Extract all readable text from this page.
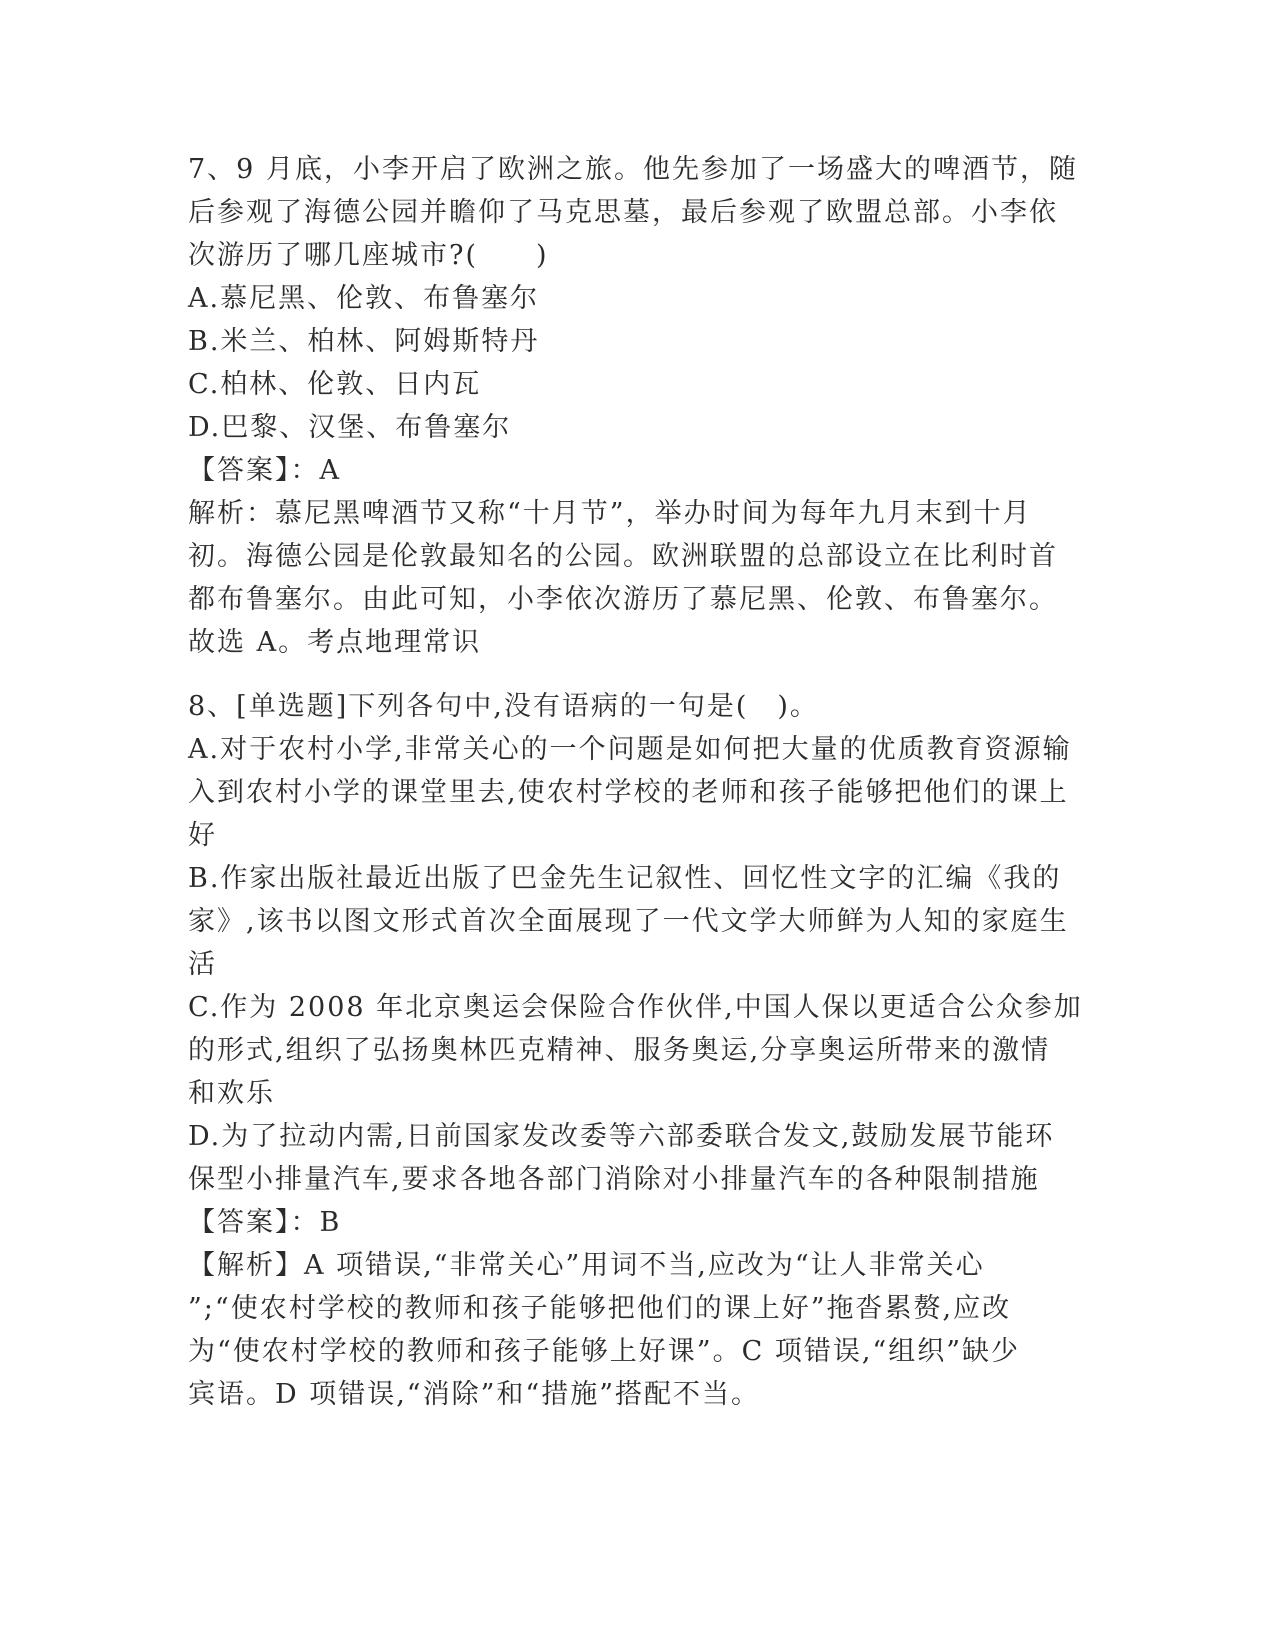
7、9 月底，小李开启了欧洲之旅。他先参加了一场盛大的啤酒节，随
后参观了海德公园并瞻仰了马克思墓，最后参观了欧盟总部。小李依
次游历了哪几座城市?(　　)
A.慕尼黑、伦敦、布鲁塞尔
B.米兰、柏林、阿姆斯特丹
C.柏林、伦敦、日内瓦
D.巴黎、汉堡、布鲁塞尔
【答案】：A
解析：慕尼黑啤酒节又称“十月节”，举办时间为每年九月末到十月
初。海德公园是伦敦最知名的公园。欧洲联盟的总部设立在比利时首
都布鲁塞尔。由此可知，小李依次游历了慕尼黑、伦敦、布鲁塞尔。
故选 A。考点地理常识
8、[单选题]下列各句中,没有语病的一句是(　)。
A.对于农村小学,非常关心的一个问题是如何把大量的优质教育资源输
入到农村小学的课堂里去,使农村学校的老师和孩子能够把他们的课上
好
B.作家出版社最近出版了巴金先生记叙性、回忆性文字的汇编《我的
家》,该书以图文形式首次全面展现了一代文学大师鲜为人知的家庭生
活
C.作为 2008 年北京奥运会保险合作伙伴,中国人保以更适合公众参加
的形式,组织了弘扬奥林匹克精神、服务奥运,分享奥运所带来的激情
和欢乐
D.为了拉动内需,日前国家发改委等六部委联合发文,鼓励发展节能环
保型小排量汽车,要求各地各部门消除对小排量汽车的各种限制措施
【答案】：B
【解析】A 项错误,“非常关心”用词不当,应改为“让人非常关心
”;“使农村学校的教师和孩子能够把他们的课上好”拖沓累赘,应改
为“使农村学校的教师和孩子能够上好课”。C 项错误,“组织”缺少
宾语。D 项错误,“消除”和“措施”搭配不当。
